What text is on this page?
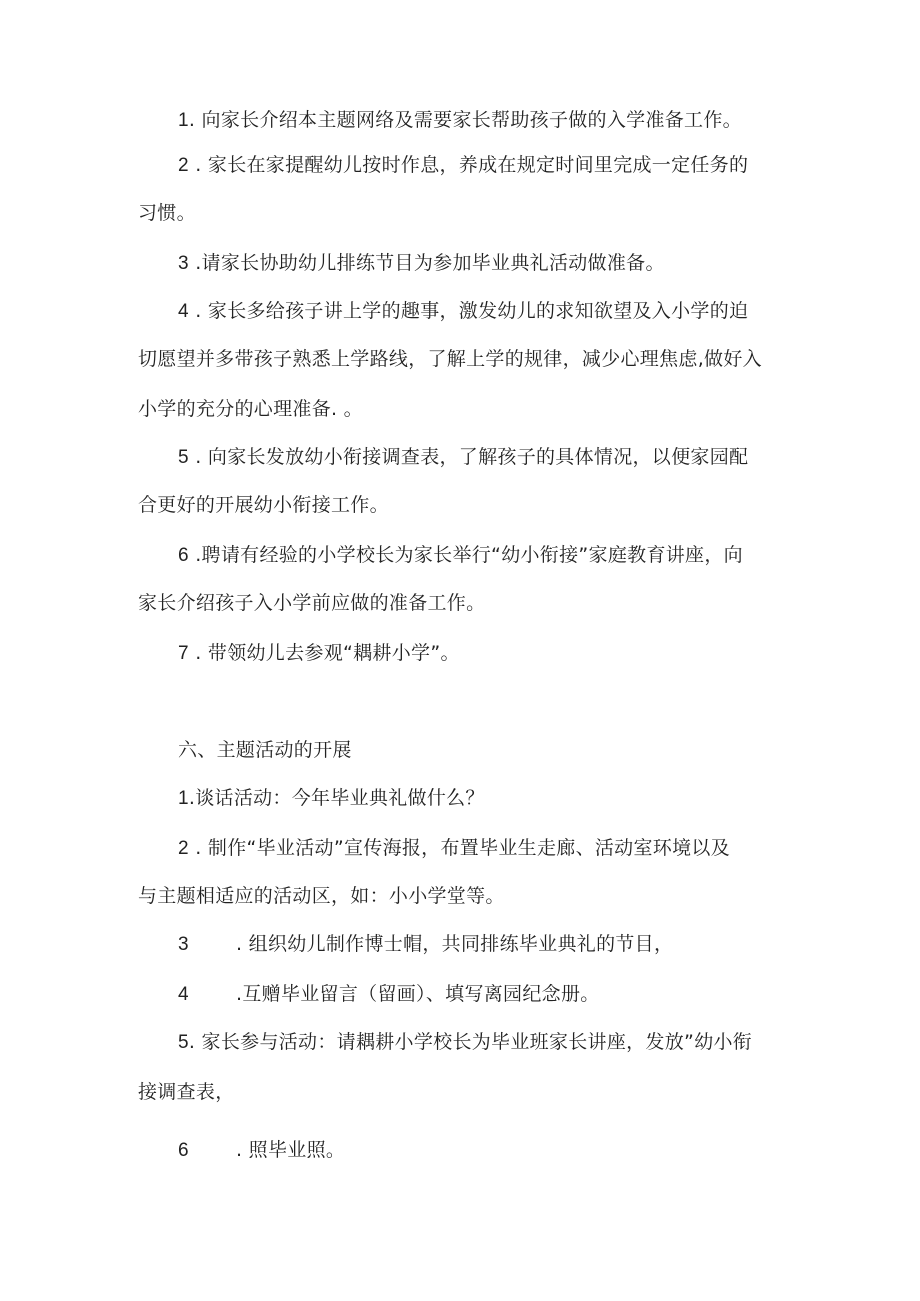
1. 向家长介绍本主题网络及需要家长帮助孩子做的入学准备工作。
2 . 家长在家提醒幼儿按时作息，养成在规定时间里完成一定任务的
习惯。
3 .请家长协助幼儿排练节目为参加毕业典礼活动做准备。
4 . 家长多给孩子讲上学的趣事，激发幼儿的求知欲望及入小学的迫
切愿望并多带孩子熟悉上学路线，了解上学的规律，减少心理焦虑,做好入
小学的充分的心理准备. 。
5 . 向家长发放幼小衔接调查表，了解孩子的具体情况，以便家园配
合更好的开展幼小衔接工作。
6 .聘请有经验的小学校长为家长举行“幼小衔接”家庭教育讲座，向
家长介绍孩子入小学前应做的准备工作。
7 . 带领幼儿去参观“耦耕小学”。
六、主题活动的开展
1.谈话活动：今年毕业典礼做什么？
2 . 制作“毕业活动”宣传海报，布置毕业生走廊、活动室环境以及
与主题相适应的活动区，如：小小学堂等。
3 . 组织幼儿制作博士帽，共同排练毕业典礼的节目，
4 .互赠毕业留言（留画）、填写离园纪念册。
5. 家长参与活动：请耦耕小学校长为毕业班家长讲座，发放”幼小衔
接调查表，
6 . 照毕业照。
